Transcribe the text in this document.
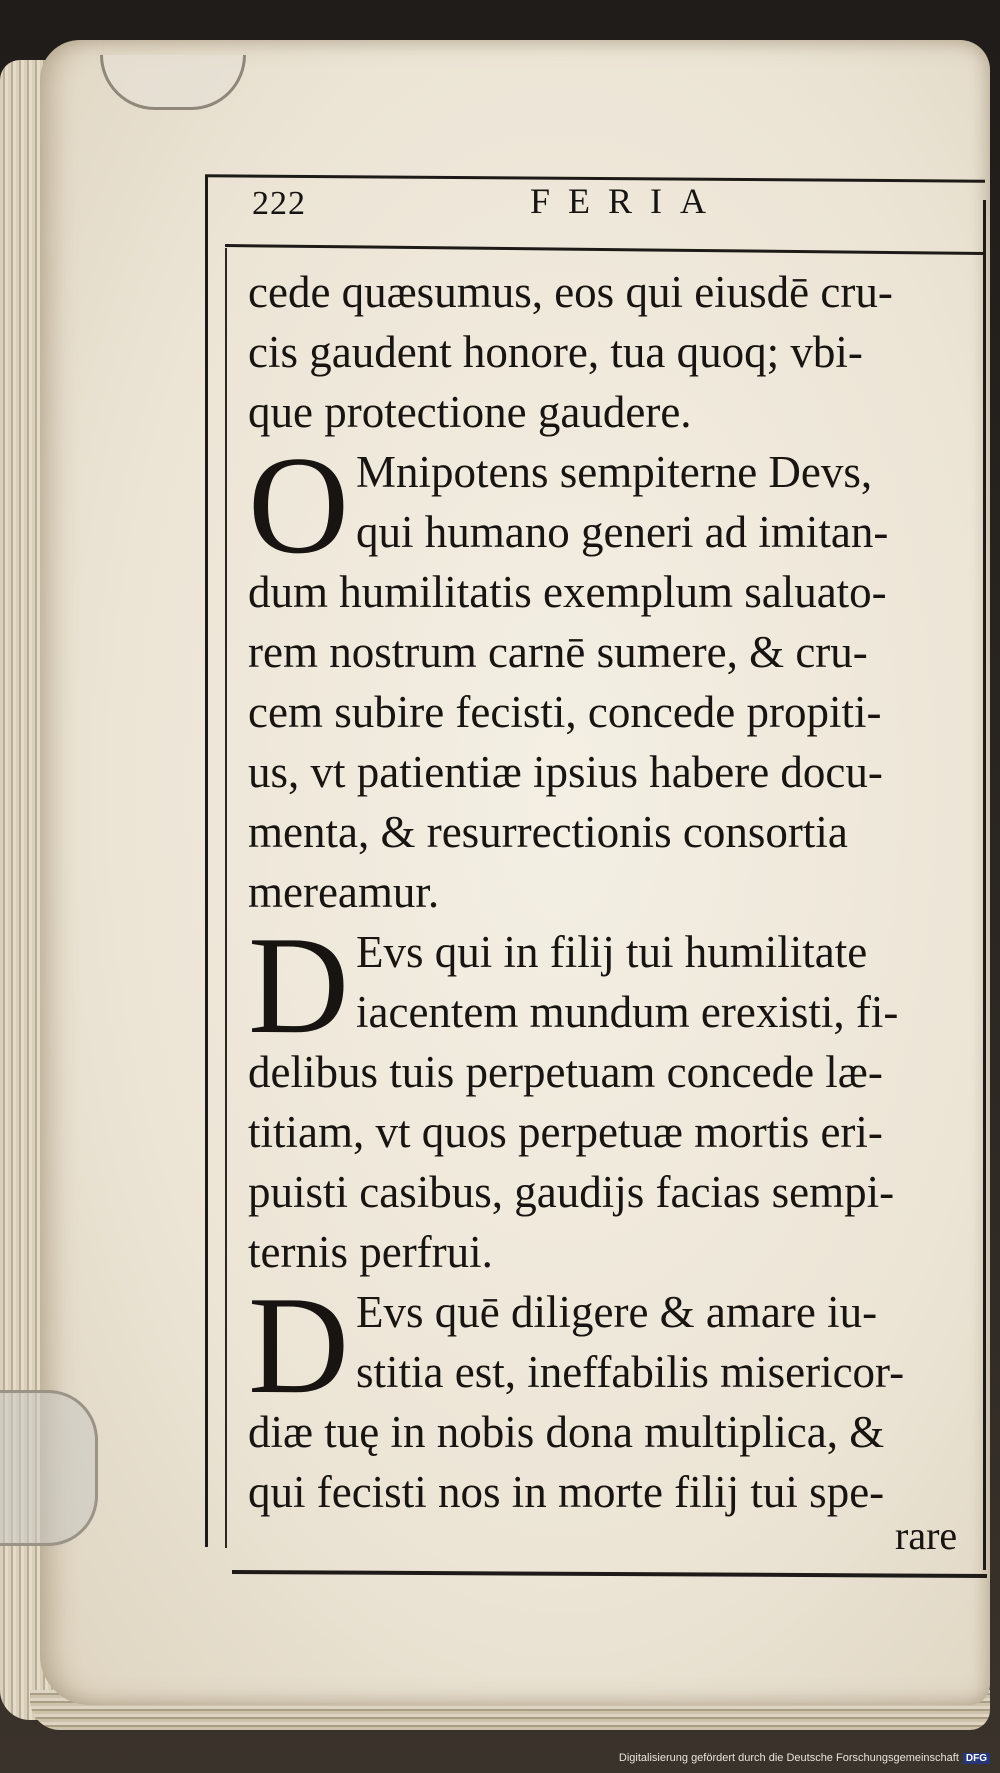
222	FERIA
cede quæsumus, eos qui eiusdē cru-
cis gaudent honore, tua quoq; vbi-
que protectione gaudere.
O Mnipotens sempiterne Devs,
qui humano generi ad imitan-
dum humilitatis exemplum saluato-
rem nostrum carnē sumere, & cru-
cem subire fecisti, concede propiti-
us, vt patientiæ ipsius habere docu-
menta, & resurrectionis consortia
mereamur.
D Evs qui in filij tui humilitate
iacentem mundum erexisti, fi-
delibus tuis perpetuam concede læ-
titiam, vt quos perpetuæ mortis eri-
puisti casibus, gaudijs facias sempi-
ternis perfrui.
D Evs quē diligere & amare iu-
stitia est, ineffabilis misericor-
diæ tuę in nobis dona multiplica, &
qui fecisti nos in morte filij tui spe-
rare
Digitalisierung gefördert durch die Deutsche Forschungsgemeinschaft DFG
